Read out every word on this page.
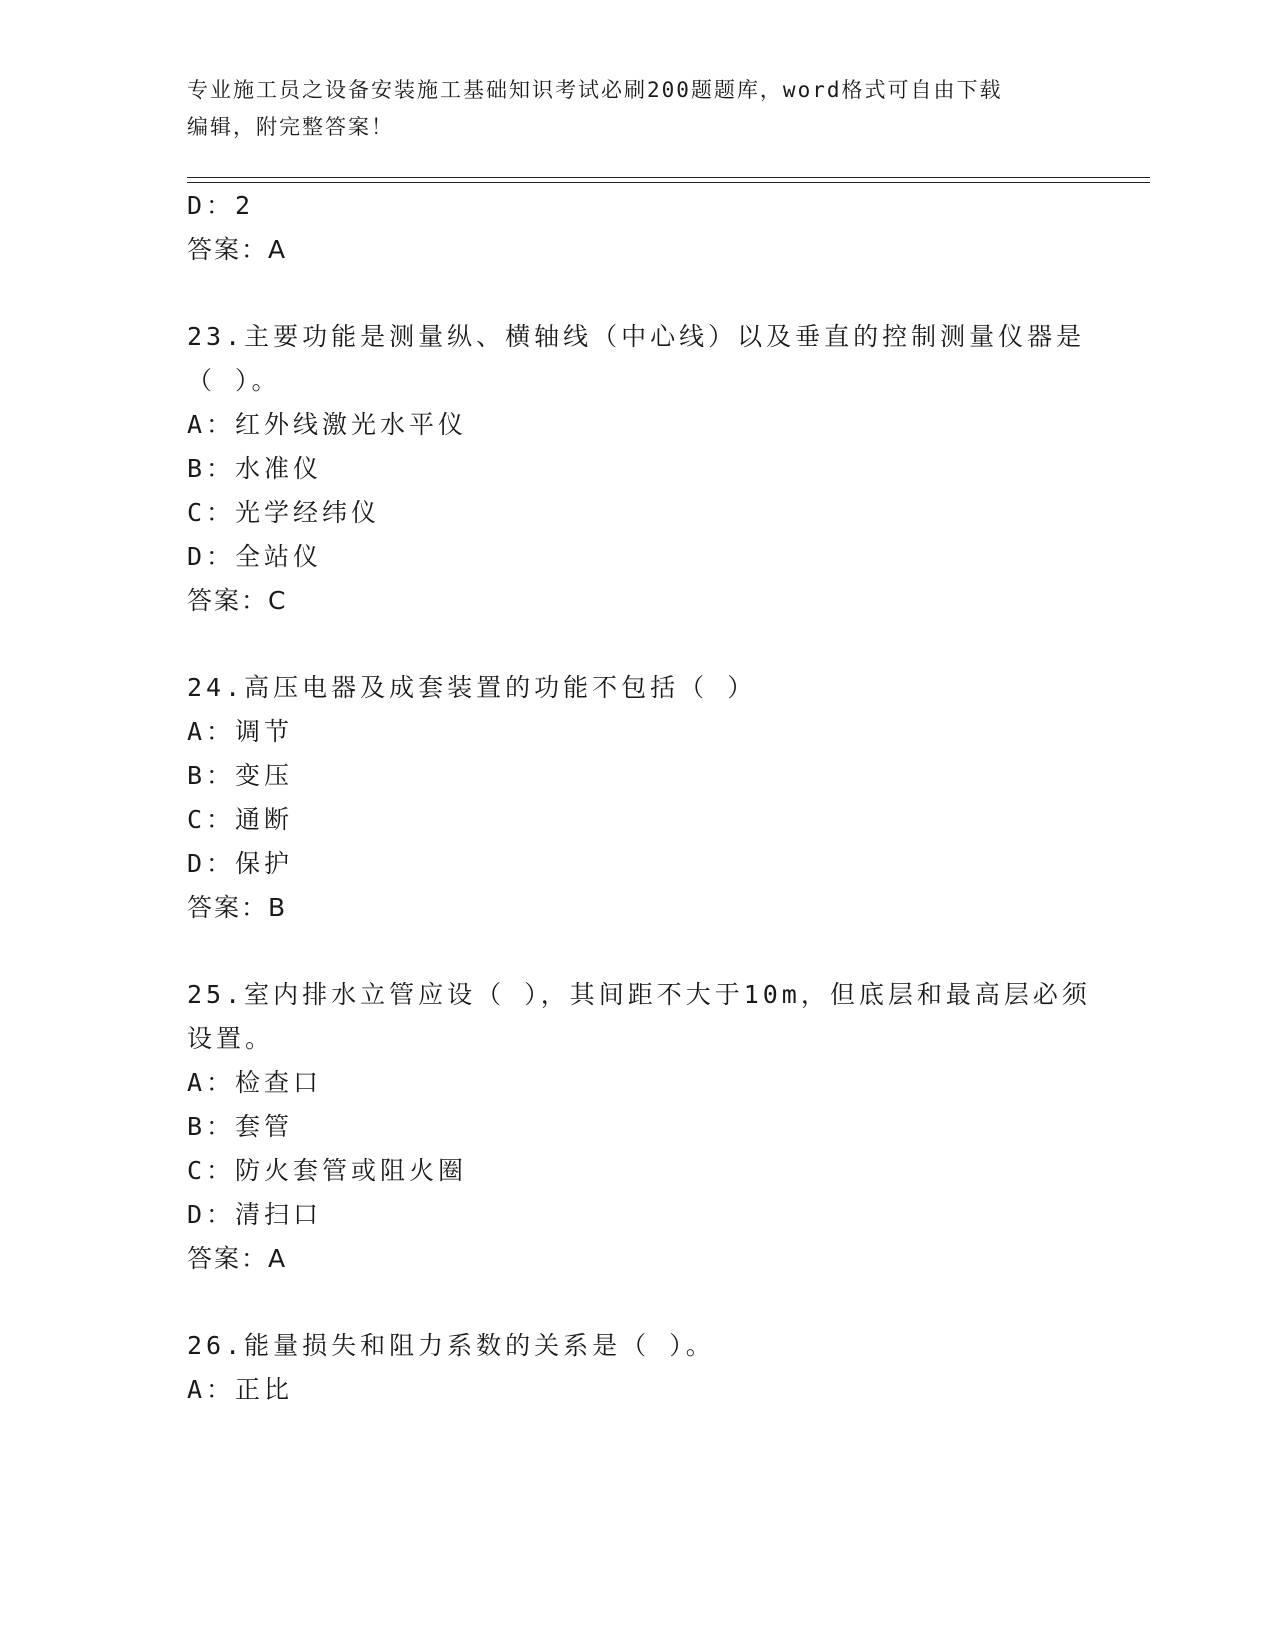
专业施工员之设备安装施工基础知识考试必刷200题题库，word格式可自由下载
编辑，附完整答案！
D：2
答案：A
23.主要功能是测量纵、横轴线（中心线）以及垂直的控制测量仪器是
（ ）。
A：红外线激光水平仪
B：水准仪
C：光学经纬仪
D：全站仪
答案：C
24.高压电器及成套装置的功能不包括（ ）
A：调节
B：变压
C：通断
D：保护
答案：B
25.室内排水立管应设（ ），其间距不大于10m，但底层和最高层必须
设置。
A：检查口
B：套管
C：防火套管或阻火圈
D：清扫口
答案：A
26.能量损失和阻力系数的关系是（ ）。
A：正比
